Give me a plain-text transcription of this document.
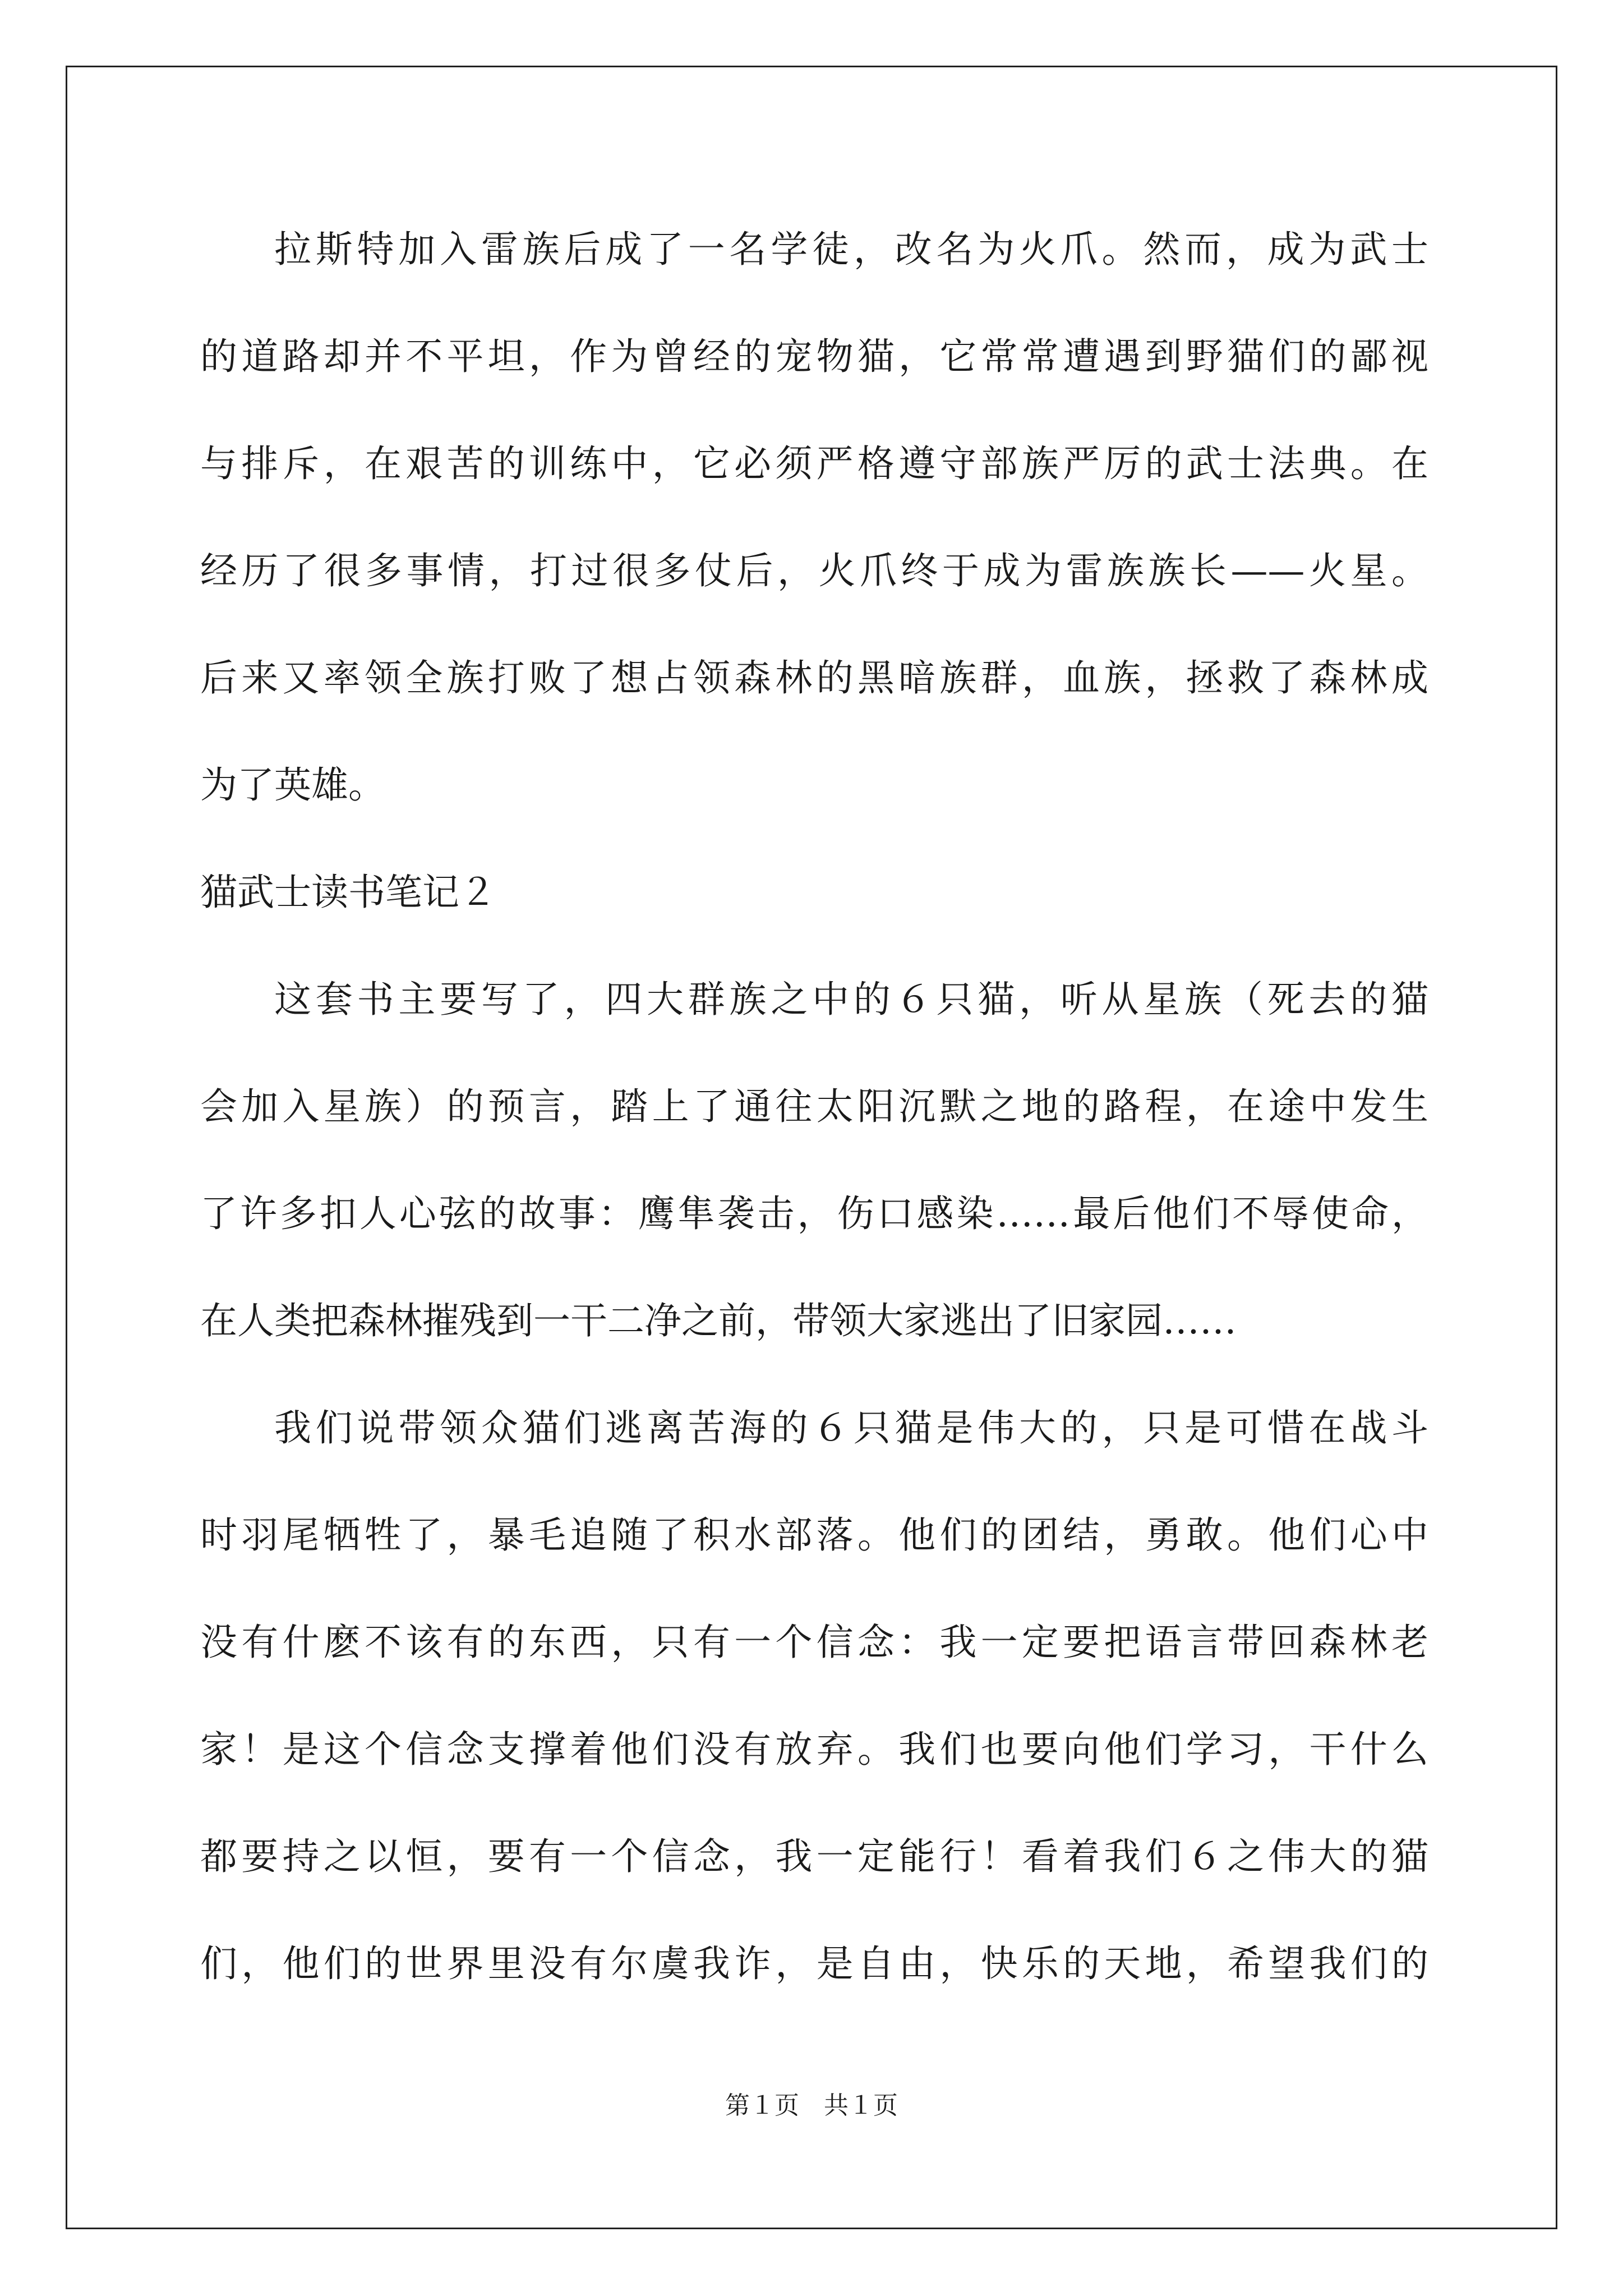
拉斯特加入雷族后成了一名学徒，改名为火爪。然而，成为武士
的道路却并不平坦，作为曾经的宠物猫，它常常遭遇到野猫们的鄙视
与排斥，在艰苦的训练中，它必须严格遵守部族严厉的武士法典。在
经历了很多事情，打过很多仗后，火爪终于成为雷族族长——火星。
后来又率领全族打败了想占领森林的黑暗族群，血族，拯救了森林成
为了英雄。
猫武士读书笔记２
这套书主要写了，四大群族之中的６只猫，听从星族（死去的猫
会加入星族）的预言，踏上了通往太阳沉默之地的路程，在途中发生
了许多扣人心弦的故事：鹰隼袭击，伤口感染……最后他们不辱使命，
在人类把森林摧残到一干二净之前，带领大家逃出了旧家园……
我们说带领众猫们逃离苦海的６只猫是伟大的，只是可惜在战斗
时羽尾牺牲了，暴毛追随了积水部落。他们的团结，勇敢。他们心中
没有什麽不该有的东西，只有一个信念：我一定要把语言带回森林老
家！是这个信念支撑着他们没有放弃。我们也要向他们学习，干什么
都要持之以恒，要有一个信念，我一定能行！看着我们６之伟大的猫
们，他们的世界里没有尔虞我诈，是自由，快乐的天地，希望我们的
第１页　共１页
